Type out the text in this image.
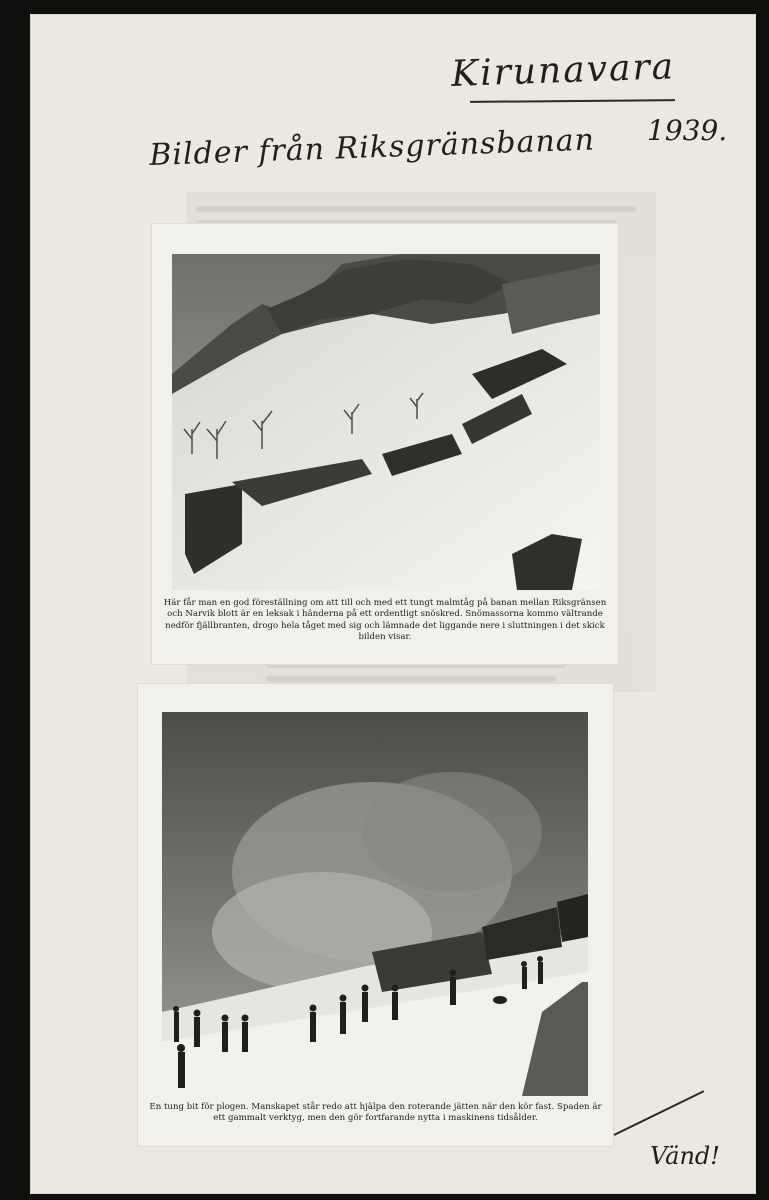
Kirunavara
1939.
Bilder från Riksgränsbanan
Här får man en god föreställning om att till och med ett tungt malmtåg på banan mellan Riksgränsen och Narvik blott är en leksak i händerna på ett ordentligt snöskred. Snömassorna kommo vältrande nedför fjällbranten, drogo hela tåget med sig och lämnade det liggande nere i sluttningen i det skick bilden visar.
En tung bit för plogen. Manskapet står redo att hjälpa den roterande jätten när den kör fast. Spaden är ett gammalt verktyg, men den gör fortfarande nytta i maskinens tidsålder.
Vänd!
